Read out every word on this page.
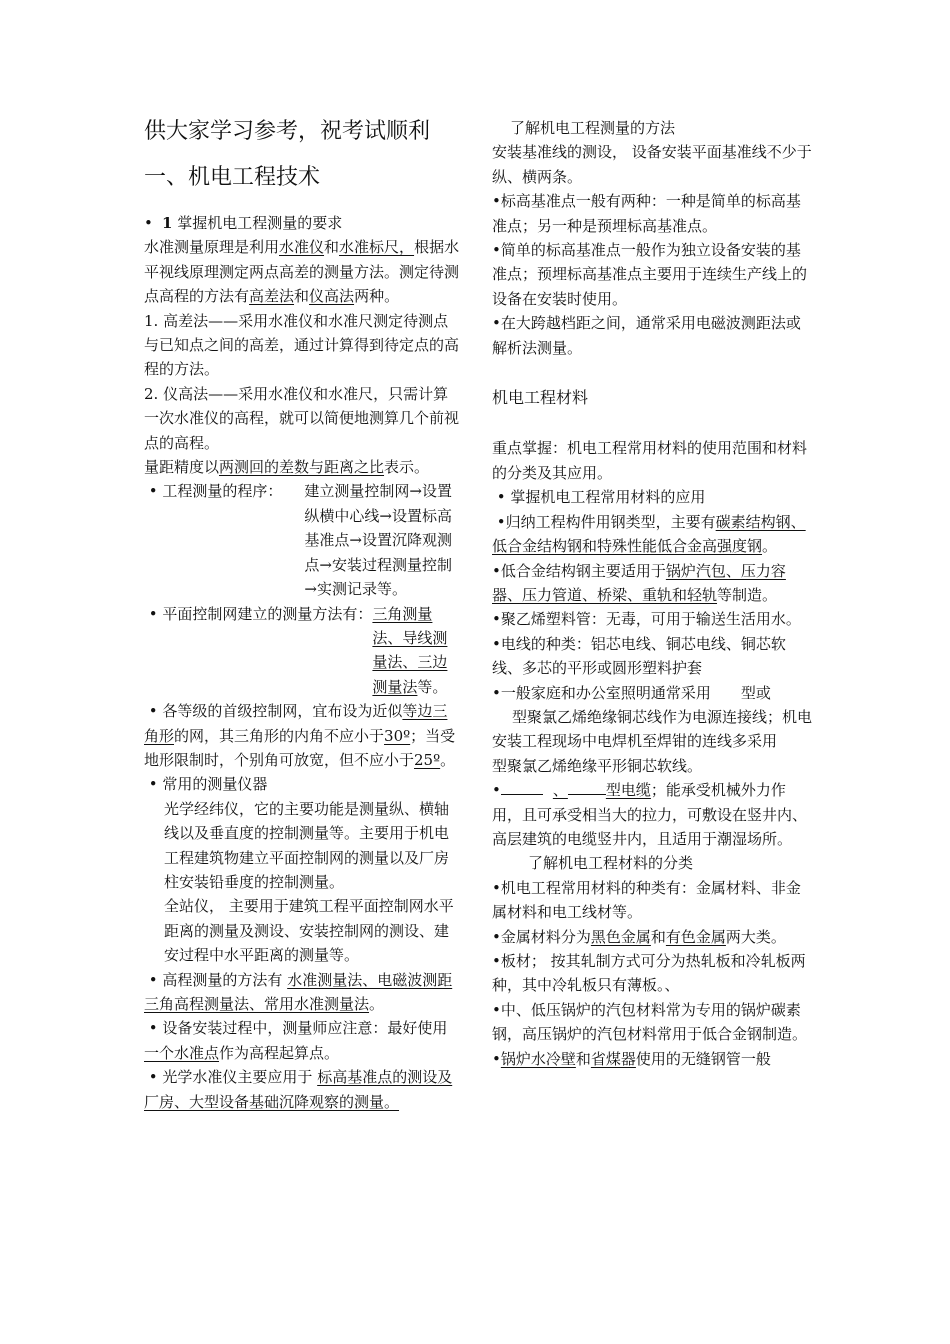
供大家学习参考，祝考试顺利

一、机电工程技术

• 1 掌握机电工程测量的要求

水准测量原理是利用水准仪和水准标尺，根据水平视线原理测定两点高差的测量方法。测定待测点高程的方法有高差法和仪高法两种。

1. 高差法——采用水准仪和水准尺测定待测点与已知点之间的高差，通过计算得到待定点的高程的方法。

2. 仪高法——采用水准仪和水准尺，只需计算一次水准仪的高程，就可以简便地测算几个前视点的高程。

量距精度以两测回的差数与距离之比表示。

• 工程测量的程序：	建立测量控制网→设置纵横中心线→设置标高基准点→设置沉降观测点→安装过程测量控制→实测记录等。
• 平面控制网建立的测量方法有： 三角测量法、导线测量法、三边测量法等。

• 各等级的首级控制网，宜布设为近似等边三角形的网，其三角形的内角不应小于30º；当受地形限制时，个别角可放宽，但不应小于25º。

• 常用的测量仪器

光学经纬仪，它的主要功能是测量纵、横轴线以及垂直度的控制测量等。主要用于机电工程建筑物建立平面控制网的测量以及厂房柱安装铅垂度的控制测量。

全站仪， 主要用于建筑工程平面控制网水平距离的测量及测设、安装控制网的测设、建安过程中水平距离的测量等。

• 高程测量的方法有 水准测量法、电磁波测距三角高程测量法、常用水准测量法。

• 设备安装过程中，测量师应注意：最好使用一个水准点作为高程起算点。

• 光学水准仪主要应用于 标高基准点的测设及厂房、大型设备基础沉降观察的测量。

了解机电工程测量的方法

安装基准线的测设， 设备安装平面基准线不少于纵、横两条。

•标高基准点一般有两种：一种是简单的标高基准点；另一种是预埋标高基准点。

•简单的标高基准点一般作为独立设备安装的基准点；预埋标高基准点主要用于连续生产线上的设备在安装时使用。

•在大跨越档距之间，通常采用电磁波测距法或解析法测量。

机电工程材料

重点掌握：机电工程常用材料的使用范围和材料的分类及其应用。

• 掌握机电工程常用材料的应用

•归纳工程构件用钢类型，主要有碳素结构钢、低合金结构钢和特殊性能低合金高强度钢。

•低合金结构钢主要适用于锅炉汽包、压力容器、压力管道、桥梁、重轨和轻轨等制造。

•聚乙烯塑料管：无毒，可用于输送生活用水。

•电线的种类：铝芯电线、铜芯电线、铜芯软线、多芯的平形或圆形塑料护套

•一般家庭和办公室照明通常采用 型或
型聚氯乙烯绝缘铜芯线作为电源连接线；机电安装工程现场中电焊机至焊钳的连线多采用型聚氯乙烯绝缘平形铜芯软线。

•	、	型电缆；能承受机械外力作用，且可承受相当大的拉力，可敷设在竖井内、高层建筑的电缆竖井内，且适用于潮湿场所。

了解机电工程材料的分类

•机电工程常用材料的种类有：金属材料、非金属材料和电工线材等。

•金属材料分为黑色金属和有色金属两大类。

•板材； 按其轧制方式可分为热轧板和冷轧板两种，其中冷轧板只有薄板。、

•中、低压锅炉的汽包材料常为专用的锅炉碳素钢，高压锅炉的汽包材料常用于低合金钢制造。

•锅炉水冷壁和省煤器使用的无缝钢管一般
